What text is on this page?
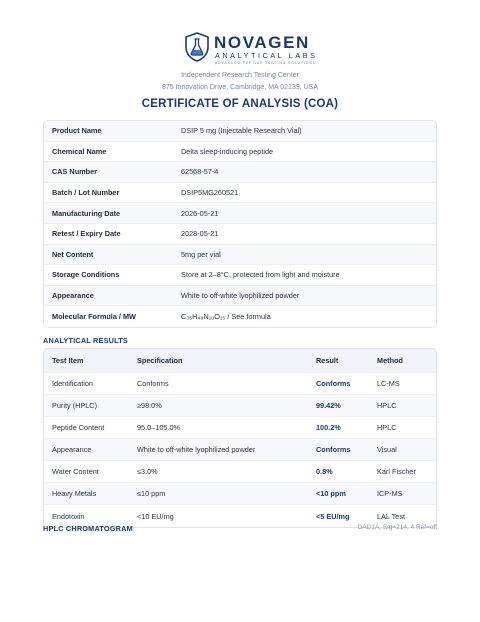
NOVAGEN
ANALYTICAL LABS
ADVANCED PEPTIDE TESTING SOLUTIONS
Independent Research Testing Center
875 Innovation Drive, Cambridge, MA 02139, USA
CERTIFICATE OF ANALYSIS (COA)
Product Name	DSIP 5 mg (Injectable Research Vial)
Chemical Name	Delta sleep-inducing peptide
CAS Number	62568-57-4
Batch / Lot Number	DSIP5MG260521
Manufacturing Date	2026-05-21
Retest / Expiry Date	2028-05-21
Net Content	5mg per vial
Storage Conditions	Store at 2–8°C, protected from light and moisture
Appearance	White to off-white lyophilized powder
Molecular Formula / MW	C₃₅H₄₈N₁₀O₁₅ / See formula
ANALYTICAL RESULTS
Test Item	Specification	Result	Method
Identification	Conforms	Conforms	LC-MS
Purity (HPLC)	≥98.0%	99.42%	HPLC
Peptide Content	95.0–105.0%	100.2%	HPLC
Appearance	White to off-white lyophilized powder	Conforms	Visual
Water Content	≤3.0%	0.8%	Karl Fischer
Heavy Metals	≤10 ppm	<10 ppm	ICP-MS
Endotoxin	<10 EU/mg	<5 EU/mg	LAL Test
HPLC CHROMATOGRAM	DAD1A, Sig=214, 4 Ref=off
